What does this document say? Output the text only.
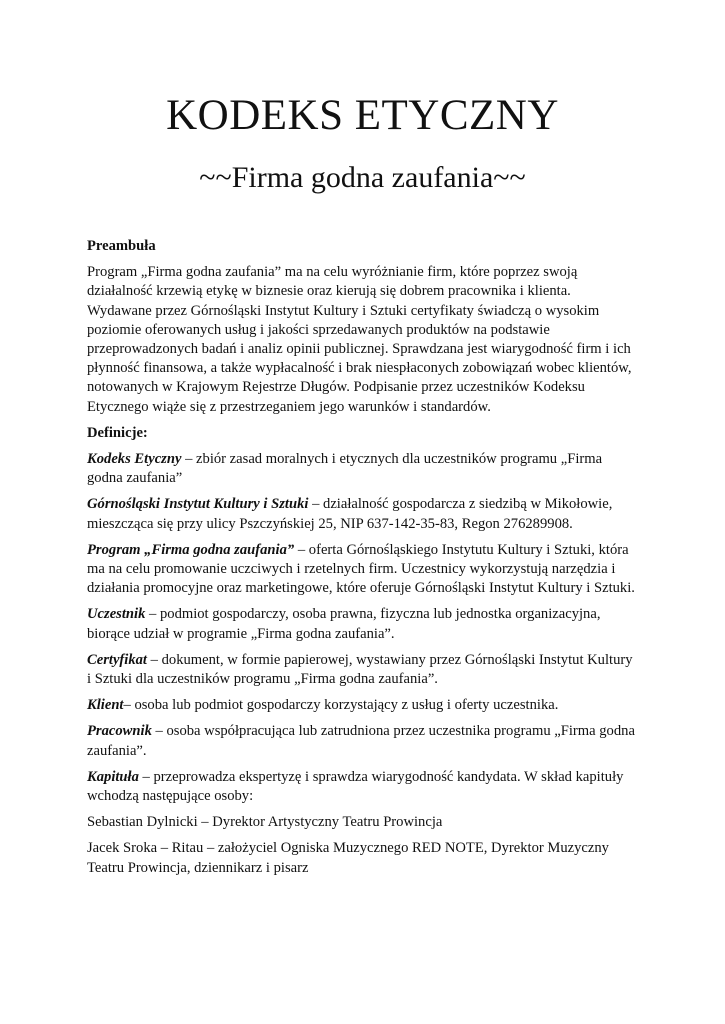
KODEKS ETYCZNY
~~Firma godna zaufania~~
Preambuła

Program „Firma godna zaufania” ma na celu wyróżnianie firm, które poprzez swoją działalność krzewią etykę w biznesie oraz kierują się dobrem pracownika i klienta. Wydawane przez Górnośląski Instytut Kultury i Sztuki certyfikaty świadczą o wysokim poziomie oferowanych usług i jakości sprzedawanych produktów na podstawie przeprowadzonych badań i analiz opinii publicznej. Sprawdzana jest wiarygodność firm i ich płynność finansowa, a także wypłacalność i brak niespłaconych zobowiązań wobec klientów, notowanych w Krajowym Rejestrze Długów. Podpisanie przez uczestników Kodeksu Etycznego wiąże się z przestrzeganiem jego warunków i standardów.

Definicje:

Kodeks Etyczny – zbiór zasad moralnych i etycznych dla uczestników programu „Firma godna zaufania”

Górnośląski Instytut Kultury i Sztuki – działalność gospodarcza z siedzibą w Mikołowie, mieszcząca się przy ulicy Pszczyńskiej 25, NIP 637-142-35-83, Regon 276289908.

Program „Firma godna zaufania” – oferta Górnośląskiego Instytutu Kultury i Sztuki, która ma na celu promowanie uczciwych i rzetelnych firm. Uczestnicy wykorzystują narzędzia i działania promocyjne oraz marketingowe, które oferuje Górnośląski Instytut Kultury i Sztuki.

Uczestnik – podmiot gospodarczy, osoba prawna, fizyczna lub jednostka organizacyjna, biorące udział w programie „Firma godna zaufania”.

Certyfikat – dokument, w formie papierowej, wystawiany przez Górnośląski Instytut Kultury i Sztuki dla uczestników programu „Firma godna zaufania”.

Klient– osoba lub podmiot gospodarczy korzystający z usług i oferty uczestnika.

Pracownik – osoba współpracująca lub zatrudniona przez uczestnika programu „Firma godna zaufania”.

Kapituła – przeprowadza ekspertyzę i sprawdza wiarygodność kandydata. W skład kapituły wchodzą następujące osoby:

Sebastian Dylnicki – Dyrektor Artystyczny Teatru Prowincja

Jacek Sroka – Ritau – założyciel Ogniska Muzycznego RED NOTE, Dyrektor Muzyczny Teatru Prowincja, dziennikarz i pisarz
